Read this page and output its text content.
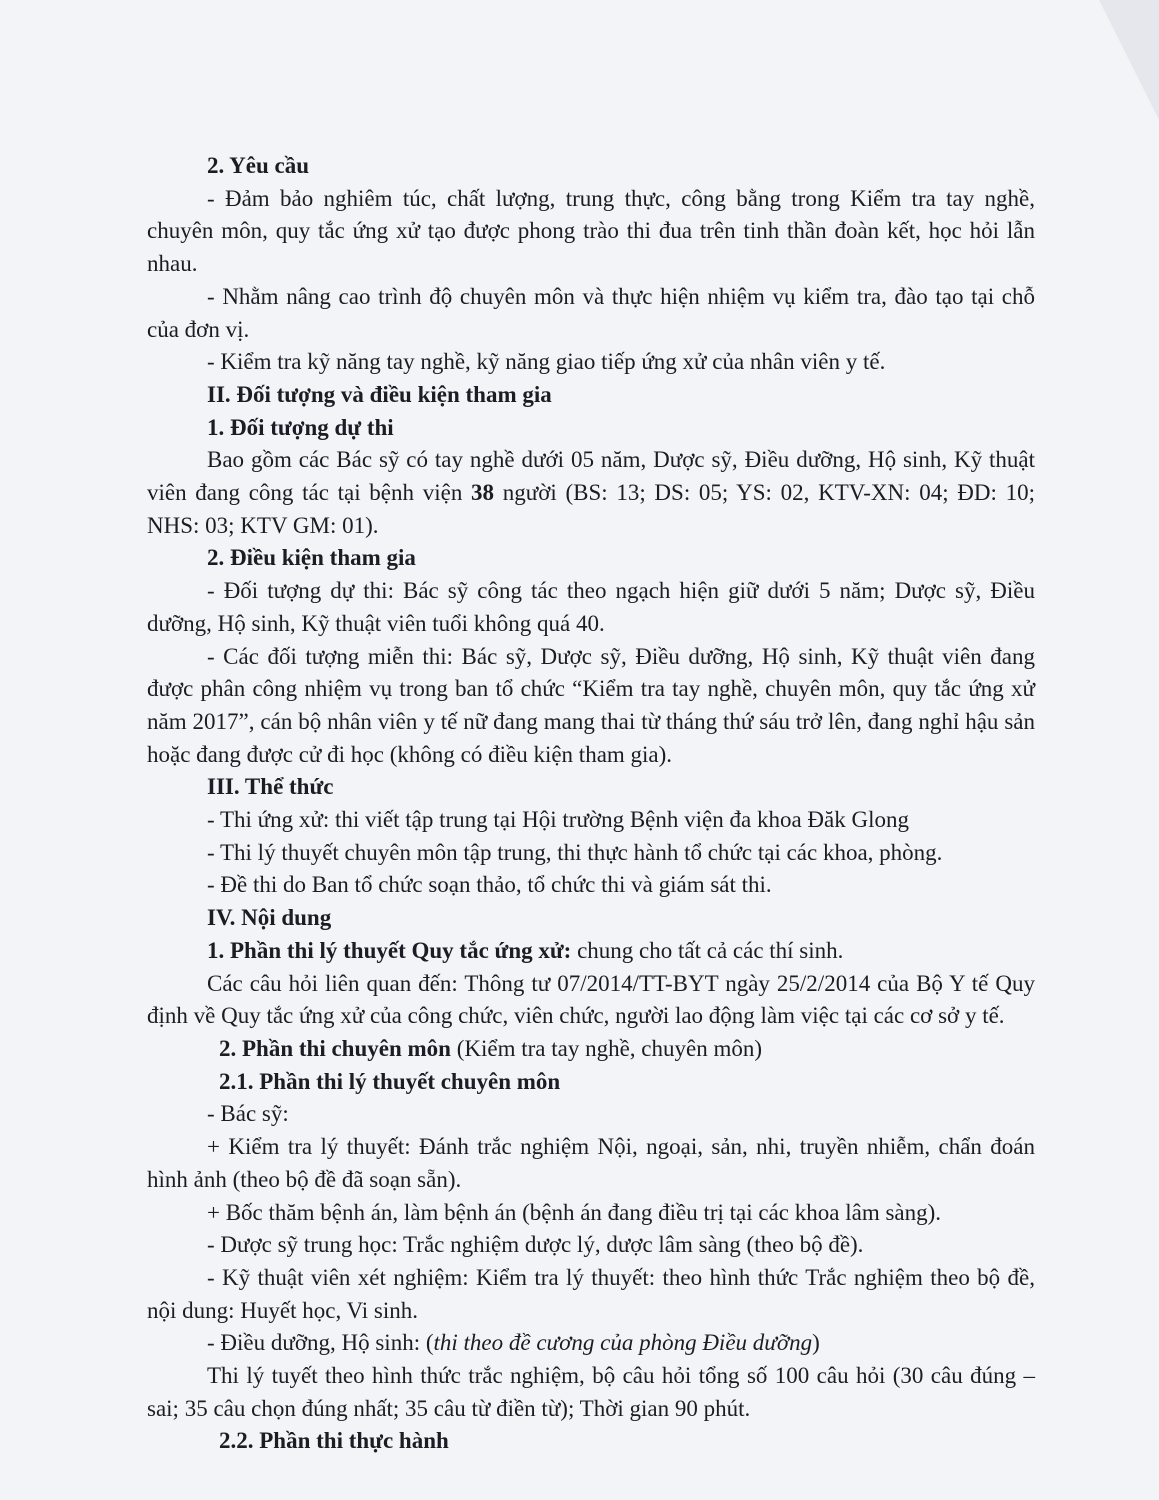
2. Yêu cầu

- Đảm bảo nghiêm túc, chất lượng, trung thực, công bằng trong Kiểm tra tay nghề, chuyên môn, quy tắc ứng xử tạo được phong trào thi đua trên tinh thần đoàn kết, học hỏi lẫn nhau.

- Nhằm nâng cao trình độ chuyên môn và thực hiện nhiệm vụ kiểm tra, đào tạo tại chỗ của đơn vị.

- Kiểm tra kỹ năng tay nghề, kỹ năng giao tiếp ứng xử của nhân viên y tế.

II. Đối tượng và điều kiện tham gia

1. Đối tượng dự thi

Bao gồm các Bác sỹ có tay nghề dưới 05 năm, Dược sỹ, Điều dưỡng, Hộ sinh, Kỹ thuật viên đang công tác tại bệnh viện 38 người (BS: 13; DS: 05; YS: 02, KTV-XN: 04; ĐD: 10; NHS: 03; KTV GM: 01).

2. Điều kiện tham gia

- Đối tượng dự thi: Bác sỹ công tác theo ngạch hiện giữ dưới 5 năm; Dược sỹ, Điều dưỡng, Hộ sinh, Kỹ thuật viên tuổi không quá 40.

- Các đối tượng miễn thi: Bác sỹ, Dược sỹ, Điều dưỡng, Hộ sinh, Kỹ thuật viên đang được phân công nhiệm vụ trong ban tổ chức “Kiểm tra tay nghề, chuyên môn, quy tắc ứng xử năm 2017”, cán bộ nhân viên y tế nữ đang mang thai từ tháng thứ sáu trở lên, đang nghỉ hậu sản hoặc đang được cử đi học (không có điều kiện tham gia).

III. Thể thức

- Thi ứng xử: thi viết tập trung tại Hội trường Bệnh viện đa khoa Đăk Glong

- Thi lý thuyết chuyên môn tập trung, thi thực hành tổ chức tại các khoa, phòng.

- Đề thi do Ban tổ chức soạn thảo, tổ chức thi và giám sát thi.

IV. Nội dung

1. Phần thi lý thuyết Quy tắc ứng xử: chung cho tất cả các thí sinh.

Các câu hỏi liên quan đến: Thông tư 07/2014/TT-BYT ngày 25/2/2014 của Bộ Y tế Quy định về Quy tắc ứng xử của công chức, viên chức, người lao động làm việc tại các cơ sở y tế.

2. Phần thi chuyên môn (Kiểm tra tay nghề, chuyên môn)

2.1. Phần thi lý thuyết chuyên môn

- Bác sỹ:

+ Kiểm tra lý thuyết: Đánh trắc nghiệm Nội, ngoại, sản, nhi, truyền nhiễm, chẩn đoán hình ảnh (theo bộ đề đã soạn sẵn).

+ Bốc thăm bệnh án, làm bệnh án (bệnh án đang điều trị tại các khoa lâm sàng).

- Dược sỹ trung học: Trắc nghiệm dược lý, dược lâm sàng (theo bộ đề).

- Kỹ thuật viên xét nghiệm: Kiểm tra lý thuyết: theo hình thức Trắc nghiệm theo bộ đề, nội dung: Huyết học, Vi sinh.

- Điều dưỡng, Hộ sinh: (thi theo đề cương của phòng Điều dưỡng)

Thi lý tuyết theo hình thức trắc nghiệm, bộ câu hỏi tổng số 100 câu hỏi (30 câu đúng – sai; 35 câu chọn đúng nhất; 35 câu từ điền từ); Thời gian 90 phút.

2.2. Phần thi thực hành
